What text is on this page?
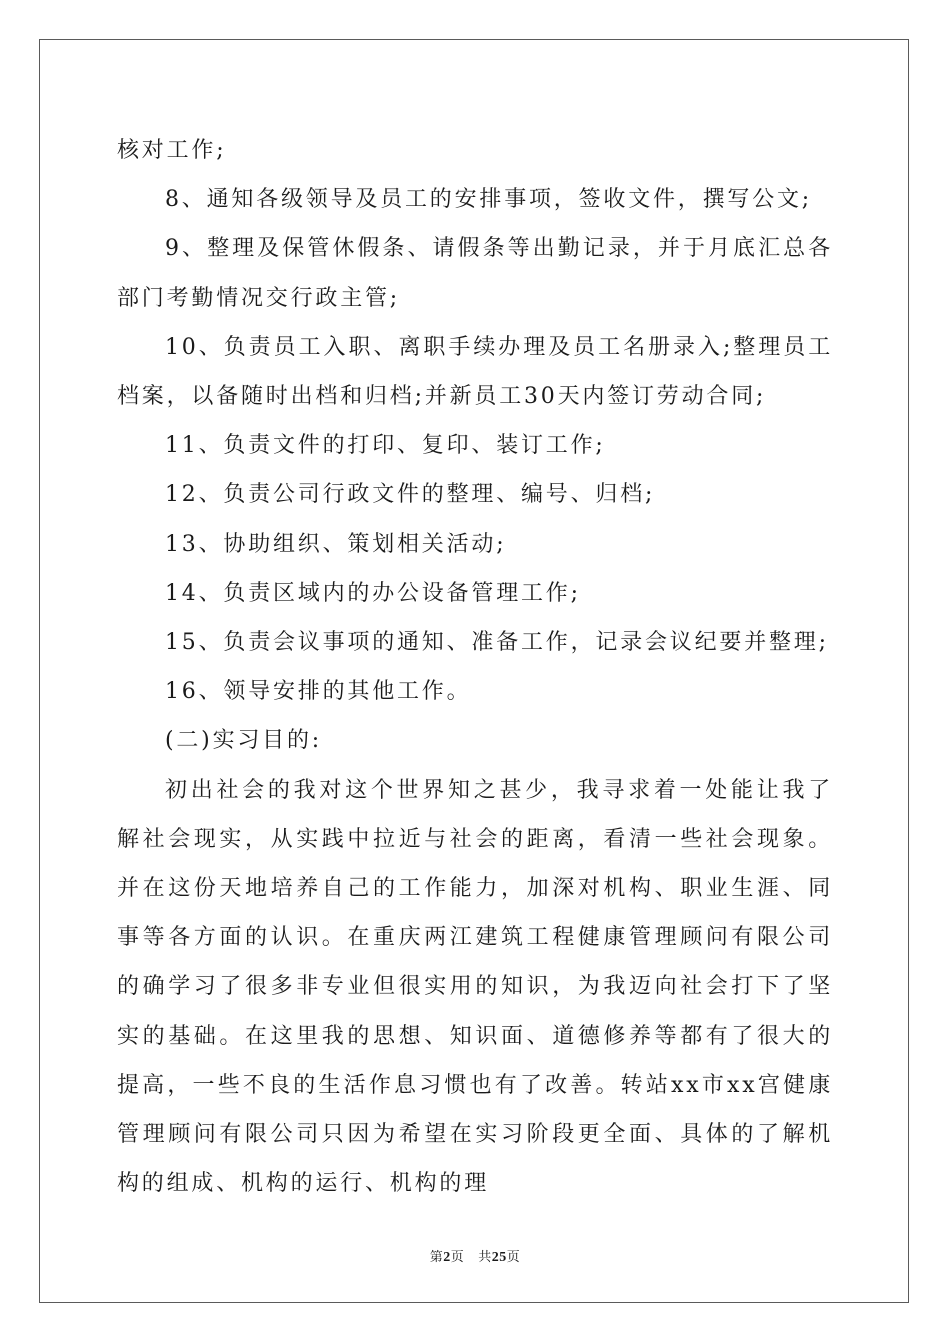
核对工作;

8、通知各级领导及员工的安排事项，签收文件，撰写公文;

9、整理及保管休假条、请假条等出勤记录，并于月底汇总各部门考勤情况交行政主管;

10、负责员工入职、离职手续办理及员工名册录入;整理员工档案，以备随时出档和归档;并新员工30天内签订劳动合同;

11、负责文件的打印、复印、装订工作;

12、负责公司行政文件的整理、编号、归档;

13、协助组织、策划相关活动;

14、负责区域内的办公设备管理工作;

15、负责会议事项的通知、准备工作，记录会议纪要并整理;

16、领导安排的其他工作。

(二)实习目的:

初出社会的我对这个世界知之甚少，我寻求着一处能让我了解社会现实，从实践中拉近与社会的距离，看清一些社会现象。并在这份天地培养自己的工作能力，加深对机构、职业生涯、同事等各方面的认识。在重庆两江建筑工程健康管理顾问有限公司的确学习了很多非专业但很实用的知识，为我迈向社会打下了坚实的基础。在这里我的思想、知识面、道德修养等都有了很大的提高，一些不良的生活作息习惯也有了改善。转站xx市xx宫健康管理顾问有限公司只因为希望在实习阶段更全面、具体的了解机构的组成、机构的运行、机构的理

第2页 共25页
